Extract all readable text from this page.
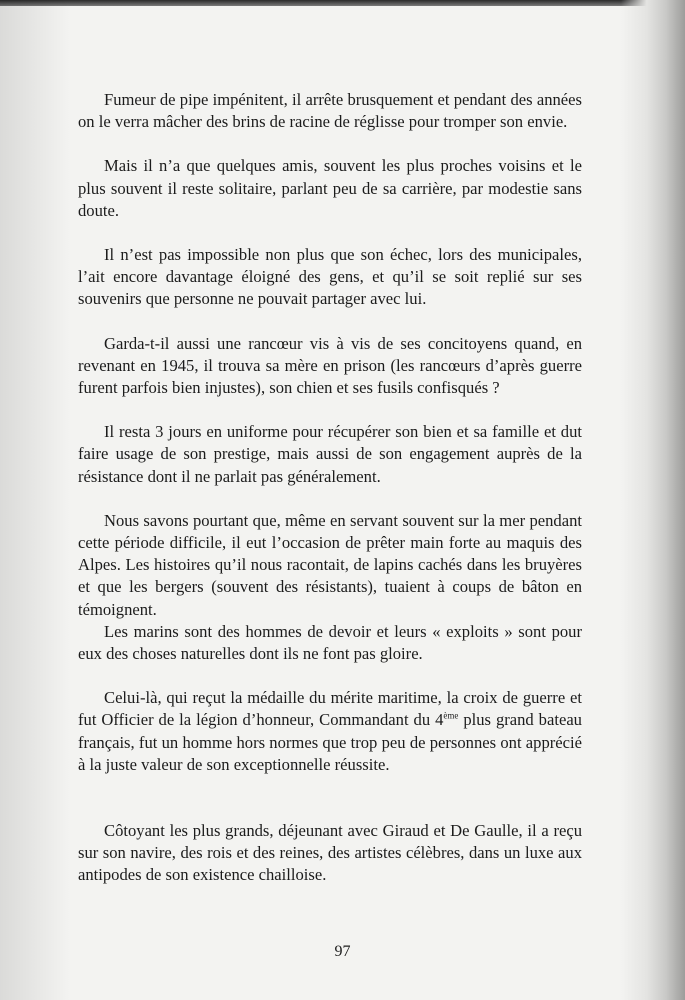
Fumeur de pipe impénitent, il arrête brusquement et pendant des années on le verra mâcher des brins de racine de réglisse pour tromper son envie.

Mais il n’a que quelques amis, souvent les plus proches voisins et le plus souvent il reste solitaire, parlant peu de sa carrière, par modestie sans doute.

Il n’est pas impossible non plus que son échec, lors des municipales, l’ait encore davantage éloigné des gens, et qu’il se soit replié sur ses souvenirs que personne ne pouvait partager avec lui.

Garda-t-il aussi une rancœur vis à vis de ses concitoyens quand, en revenant en 1945, il trouva sa mère en prison (les rancœurs d’après guerre furent parfois bien injustes), son chien et ses fusils confisqués ?

Il resta 3 jours en uniforme pour récupérer son bien et sa famille et dut faire usage de son prestige, mais aussi de son engagement auprès de la résistance dont il ne parlait pas généralement.

Nous savons pourtant que, même en servant souvent sur la mer pendant cette période difficile, il eut l’occasion de prêter main forte au maquis des Alpes. Les histoires qu’il nous racontait, de lapins cachés dans les bruyères et que les bergers (souvent des résistants), tuaient à coups de bâton en témoignent.

Les marins sont des hommes de devoir et leurs « exploits » sont pour eux des choses naturelles dont ils ne font pas gloire.

Celui-là, qui reçut la médaille du mérite maritime, la croix de guerre et fut Officier de la légion d’honneur, Commandant du 4ème plus grand bateau français, fut un homme hors normes que trop peu de personnes ont apprécié à la juste valeur de son exceptionnelle réussite.

Côtoyant les plus grands, déjeunant avec Giraud et De Gaulle, il a reçu sur son navire, des rois et des reines, des artistes célèbres, dans un luxe aux antipodes de son existence chailloise.

97
